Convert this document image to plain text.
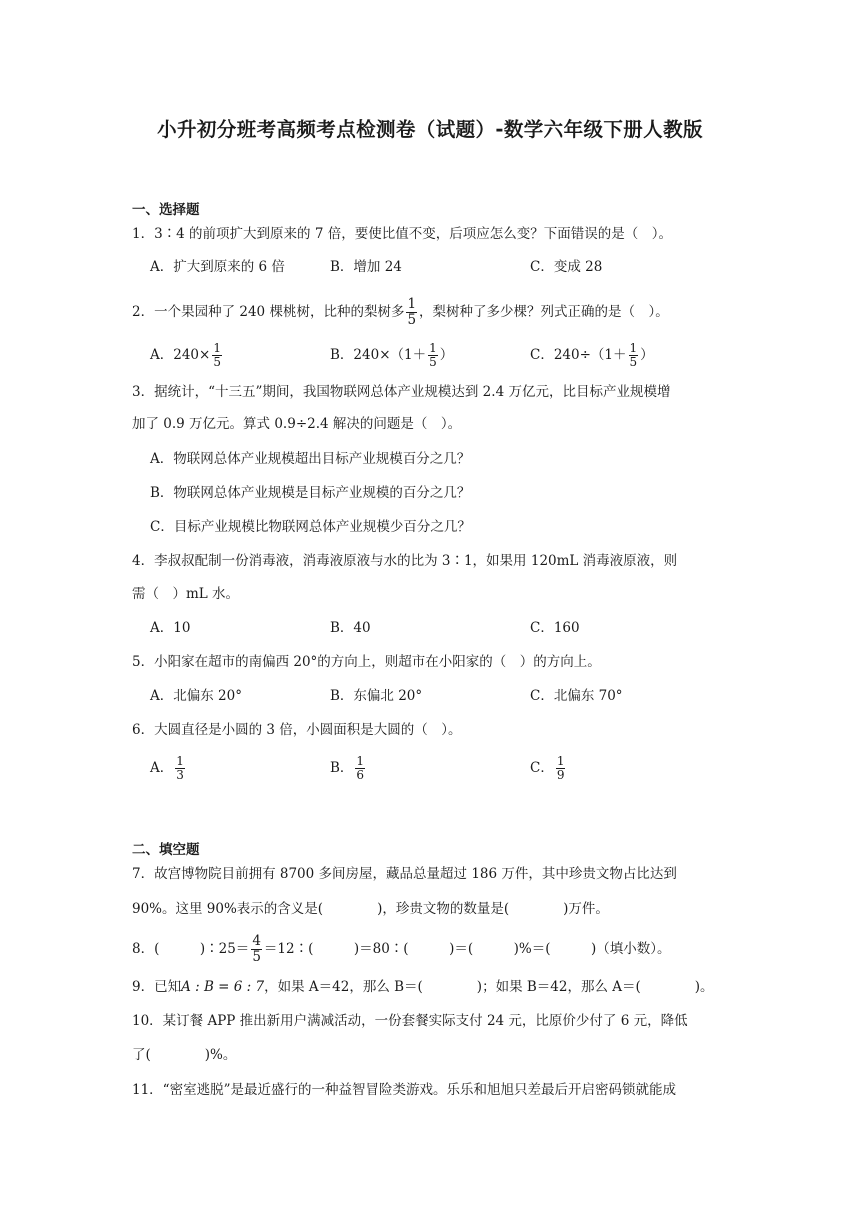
小升初分班考高频考点检测卷（试题）-数学六年级下册人教版
一、选择题
1．3∶4 的前项扩大到原来的 7 倍，要使比值不变，后项应怎么变？下面错误的是（　）。
A．扩大到原来的 6 倍	B．增加 24	C．变成 28
2．一个果园种了 240 棵桃树，比种的梨树多 $\frac{1}{5}$ ，梨树种了多少棵？列式正确的是（　）。
A．$240\times \frac{1}{5}$	B．$240\times(1+ \frac{1}{5}$ ）	C．$240\div(1+ \frac{1}{5}$ ）
3．据统计，“十三五”期间，我国物联网总体产业规模达到 2.4 万亿元，比目标产业规模增
加了 0.9 万亿元。算式 0.9÷2.4 解决的问题是（　）。
A．物联网总体产业规模超出目标产业规模百分之几？
B．物联网总体产业规模是目标产业规模的百分之几？
C．目标产业规模比物联网总体产业规模少百分之几？
4．李叔叔配制一份消毒液，消毒液原液与水的比为 3∶1，如果用 120mL 消毒液原液，则
需（　）mL 水。
A．10	B．40	C．160
5．小阳家在超市的南偏西 20°的方向上，则超市在小阳家的（　）的方向上。
A．北偏东 20°	B．东偏北 20°	C．北偏东 70°
6．大圆直径是小圆的 3 倍，小圆面积是大圆的（　）。
A． $\frac{1}{3}$	B． $\frac{1}{6}$	C． $\frac{1}{9}$
二、填空题
7．故宫博物院目前拥有 8700 多间房屋，藏品总量超过 186 万件，其中珍贵文物占比达到
90%。这里 90%表示的含义是(　　　　)，珍贵文物的数量是(　　　　)万件。
8．(　　　)∶25＝ $\frac{4}{5}$ ＝12∶(　　　)＝80∶(　　　)＝(　　　)%＝(　　　)（填小数）。
9．已知A : B = 6 : 7，如果 A＝42，那么 B＝(　　　　)；如果 B＝42，那么 A＝(　　　　)。
10．某订餐 APP 推出新用户满减活动，一份套餐实际支付 24 元，比原价少付了 6 元，降低
了(　　　　)%。
11．“密室逃脱”是最近盛行的一种益智冒险类游戏。乐乐和旭旭只差最后开启密码锁就能成
